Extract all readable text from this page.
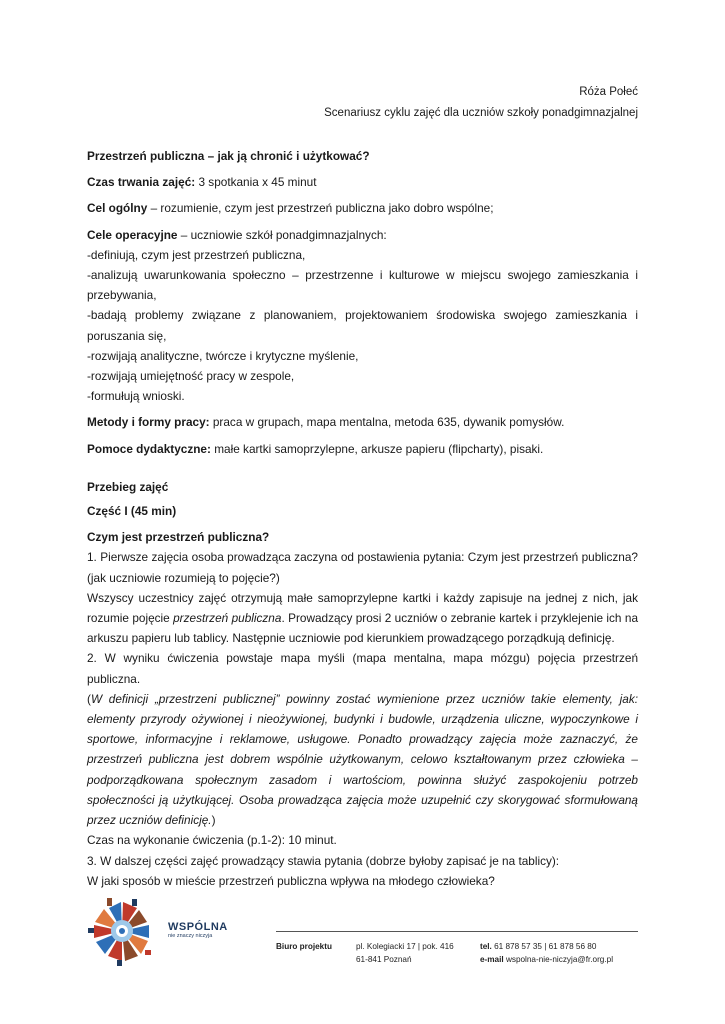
Róża Połeć
Scenariusz cyklu zajęć dla uczniów szkoły ponadgimnazjalnej

Przestrzeń publiczna – jak ją chronić i użytkować?

Czas trwania zajęć: 3 spotkania x 45 minut

Cel ogólny – rozumienie, czym jest przestrzeń publiczna jako dobro wspólne;

Cele operacyjne – uczniowie szkół ponadgimnazjalnych:

-definiują, czym jest przestrzeń publiczna,

-analizują uwarunkowania społeczno – przestrzenne i kulturowe w miejscu swojego zamieszkania i przebywania,

-badają problemy związane z planowaniem, projektowaniem środowiska swojego zamieszkania i poruszania się,

-rozwijają analityczne, twórcze i krytyczne myślenie,

-rozwijają umiejętność pracy w zespole,

-formułują wnioski.

Metody i formy pracy: praca w grupach, mapa mentalna, metoda 635, dywanik pomysłów.

Pomoce dydaktyczne: małe kartki samoprzylepne, arkusze papieru (flipcharty), pisaki.

Przebieg zajęć

Część I (45 min)

Czym jest przestrzeń publiczna?

1. Pierwsze zajęcia osoba prowadząca zaczyna od postawienia pytania: Czym jest przestrzeń publiczna? (jak uczniowie rozumieją to pojęcie?)

Wszyscy uczestnicy zajęć otrzymują małe samoprzylepne kartki i każdy zapisuje na jednej z nich, jak rozumie pojęcie przestrzeń publiczna. Prowadzący prosi 2 uczniów o zebranie kartek i przyklejenie ich na arkuszu papieru lub tablicy. Następnie uczniowie pod kierunkiem prowadzącego porządkują definicję.

2. W wyniku ćwiczenia powstaje mapa myśli (mapa mentalna, mapa mózgu) pojęcia przestrzeń publiczna.

(W definicji „przestrzeni publicznej” powinny zostać wymienione przez uczniów takie elementy, jak: elementy przyrody ożywionej i nieożywionej, budynki i budowle, urządzenia uliczne, wypoczynkowe i sportowe, informacyjne i reklamowe, usługowe. Ponadto prowadzący zajęcia może zaznaczyć, że przestrzeń publiczna jest dobrem wspólnie użytkowanym, celowo kształtowanym przez człowieka – podporządkowana społecznym zasadom i wartościom, powinna służyć zaspokojeniu potrzeb społeczności ją użytkującej. Osoba prowadząca zajęcia może uzupełnić czy skorygować sformułowaną przez uczniów definicję.)

Czas na wykonanie ćwiczenia (p.1-2): 10 minut.

3. W dalszej części zajęć prowadzący stawia pytania (dobrze byłoby zapisać je na tablicy):

W jaki sposób w mieście przestrzeń publiczna wpływa na młodego człowieka?

WSPÓLNA
nie znaczy niczyja
Biuro projektu	pl. Kolegiacki 17 | pok. 416
61-841 Poznań
tel. 61 878 57 35 | 61 878 56 80
e-mail wspolna-nie-niczyja@fr.org.pl
